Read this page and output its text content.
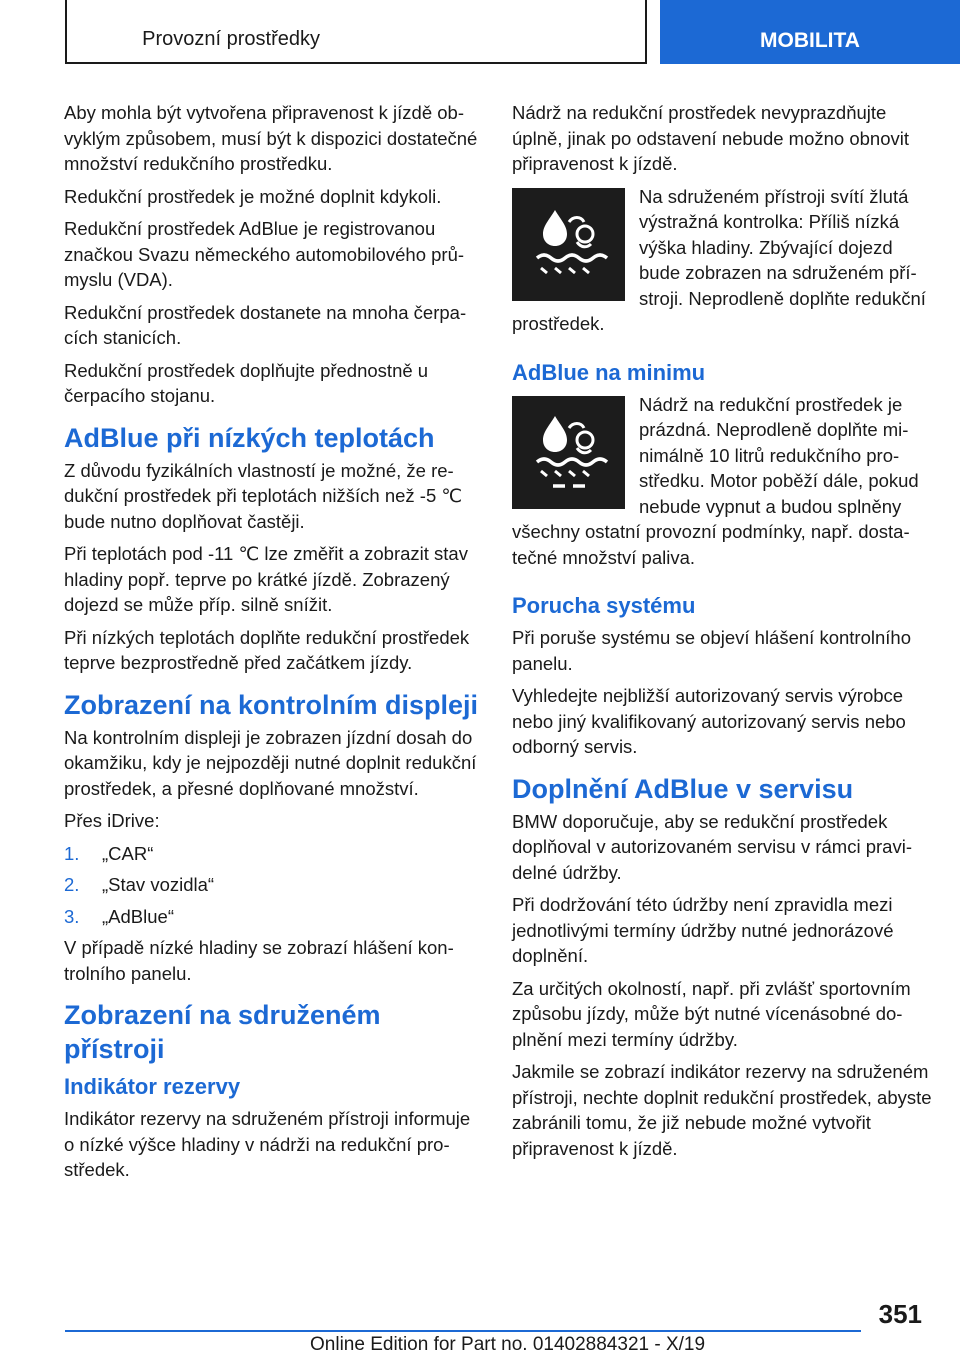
Provozní prostředky	MOBILITA

Aby mohla být vytvořena připravenost k jízdě obvyklým způsobem, musí být k dispozici dostatečné množství redukčního prostředku.

Redukční prostředek je možné doplnit kdykoli.

Redukční prostředek AdBlue je registrovanou značkou Svazu německého automobilového průmyslu (VDA).

Redukční prostředek dostanete na mnoha čerpacích stanicích.

Redukční prostředek doplňujte přednostně u čerpacího stojanu.

AdBlue při nízkých teplotách

Z důvodu fyzikálních vlastností je možné, že redukční prostředek při teplotách nižších než -5 ℃ bude nutno doplňovat častěji.

Při teplotách pod -11 ℃ lze změřit a zobrazit stav hladiny popř. teprve po krátké jízdě. Zobrazený dojezd se může příp. silně snížit.

Při nízkých teplotách doplňte redukční prostředek teprve bezprostředně před začátkem jízdy.

Zobrazení na kontrolním displeji

Na kontrolním displeji je zobrazen jízdní dosah do okamžiku, kdy je nejpozději nutné doplnit redukční prostředek, a přesné doplňované množství.

Přes iDrive:

1.	„CAR“
2.	„Stav vozidla“
3.	„AdBlue“

V případě nízké hladiny se zobrazí hlášení kontrolního panelu.

Zobrazení na sdruženém přístroji
Indikátor rezervy

Indikátor rezervy na sdruženém přístroji informuje o nízké výšce hladiny v nádrži na redukční prostředek.

Nádrž na redukční prostředek nevyprazdňujte úplně, jinak po odstavení nebude možno obnovit připravenost k jízdě.

Na sdruženém přístroji svítí žlutá výstražná kontrolka: Příliš nízká výška hladiny. Zbývající dojezd bude zobrazen na sdruženém přístroji. Neprodleně doplňte redukční prostředek.

AdBlue na minimu

Nádrž na redukční prostředek je prázdná. Neprodleně doplňte minimálně 10 litrů redukčního prostředku. Motor poběží dále, pokud nebude vypnut a budou splněny všechny ostatní provozní podmínky, např. dostatečné množství paliva.

Porucha systému

Při poruše systému se objeví hlášení kontrolního panelu.

Vyhledejte nejbližší autorizovaný servis výrobce nebo jiný kvalifikovaný autorizovaný servis nebo odborný servis.

Doplnění AdBlue v servisu

BMW doporučuje, aby se redukční prostředek doplňoval v autorizovaném servisu v rámci pravidelné údržby.

Při dodržování této údržby není zpravidla mezi jednotlivými termíny údržby nutné jednorázové doplnění.

Za určitých okolností, např. při zvlášť sportovním způsobu jízdy, může být nutné vícenásobné doplnění mezi termíny údržby.

Jakmile se zobrazí indikátor rezervy na sdruženém přístroji, nechte doplnit redukční prostředek, abyste zabránili tomu, že již nebude možné vytvořit připravenost k jízdě.

351
Online Edition for Part no. 01402884321 - X/19
